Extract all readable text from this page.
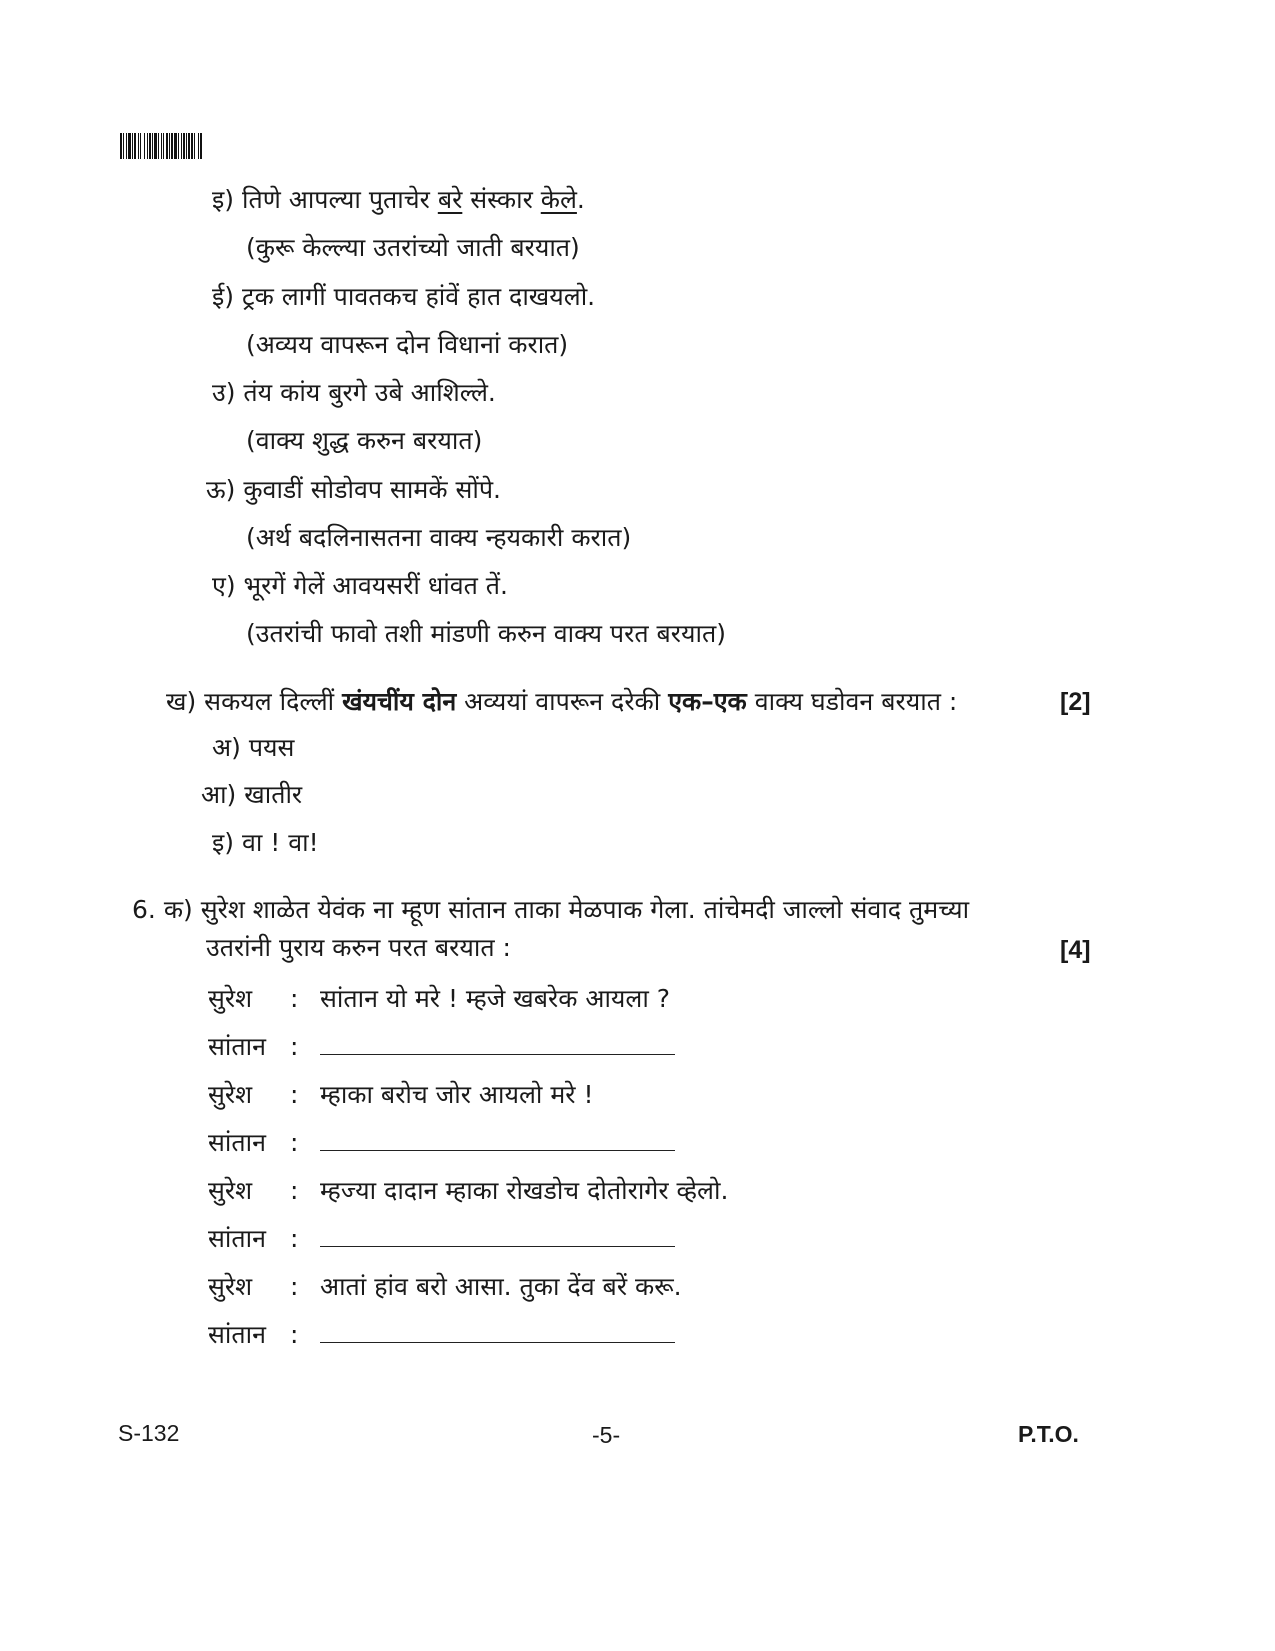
इ) तिणे आपल्या पुताचेर बरे संस्कार केले.
(कुरू केल्ल्या उतरांच्यो जाती बरयात)
ई) ट्रक लागीं पावतकच हांवें हात दाखयलो.
(अव्यय वापरून दोन विधानां करात)
उ) तंय कांय बुरगे उबे आशिल्ले.
(वाक्य शुद्ध करुन बरयात)
ऊ) कुवाडीं सोडोवप सामकें सोंपे.
(अर्थ बदलिनासतना वाक्य न्हयकारी करात)
ए) भूरगें गेलें आवयसरीं धांवत तें.
(उतरांची फावो तशी मांडणी करुन वाक्य परत बरयात)
ख) सकयल दिल्लीं खंयचींय दोन अव्ययां वापरून दरेकी एक–एक वाक्य घडोवन बरयात :	[2]
अ) पयस
आ) खातीर
इ) वा ! वा!
6. क) सुरेश शाळेत येवंक ना म्हूण सांतान ताका मेळपाक गेला. तांचेमदी जाल्लो संवाद तुमच्या
उतरांनी पुराय करुन परत बरयात :	[4]
सुरेश : सांतान यो मरे ! म्हजे खबरेक आयला ?
सांतान :
सुरेश : म्हाका बरोच जोर आयलो मरे !
सांतान :
सुरेश : म्हज्या दादान म्हाका रोखडोच दोतोरागेर व्हेलो.
सांतान :
सुरेश : आतां हांव बरो आसा. तुका देंव बरें करू.
सांतान :
S-132	-5-	P.T.O.
